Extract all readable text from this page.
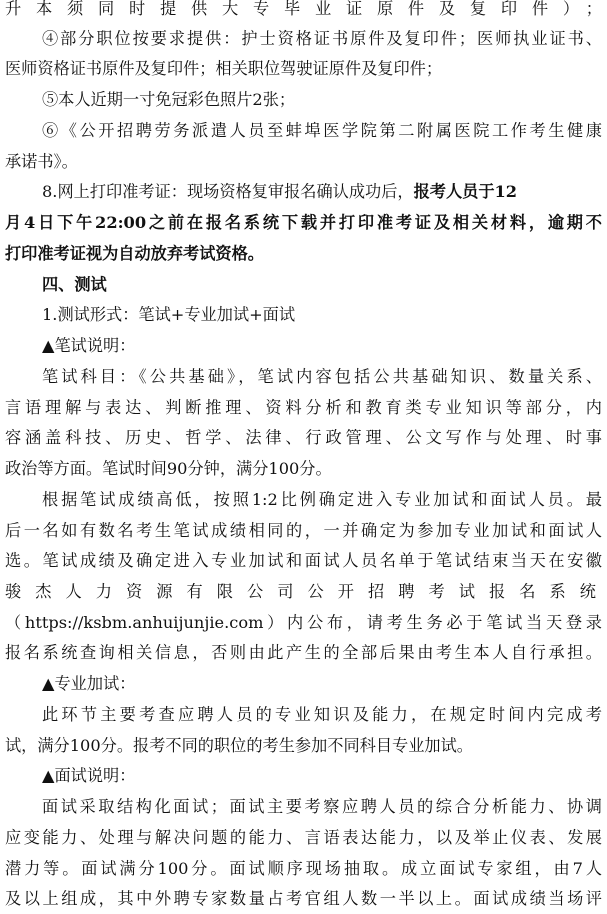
升本须同时提供大专毕业证原件及复印件）；
④部分职位按要求提供：护士资格证书原件及复印件；医师执业证书、
医师资格证书原件及复印件；相关职位驾驶证原件及复印件；
⑤本人近期一寸免冠彩色照片2张；
⑥《公开招聘劳务派遣人员至蚌埠医学院第二附属医院工作考生健康
承诺书》。
8.网上打印准考证：现场资格复审报名确认成功后，报考人员于12
月4日下午22:00之前在报名系统下载并打印准考证及相关材料，逾期不
打印准考证视为自动放弃考试资格。
四、测试
1.测试形式：笔试+专业加试+面试
▲笔试说明：
笔试科目：《公共基础》，笔试内容包括公共基础知识、数量关系、
言语理解与表达、判断推理、资料分析和教育类专业知识等部分，内
容涵盖科技、历史、哲学、法律、行政管理、公文写作与处理、时事
政治等方面。笔试时间90分钟，满分100分。
根据笔试成绩高低，按照1:2比例确定进入专业加试和面试人员。最
后一名如有数名考生笔试成绩相同的，一并确定为参加专业加试和面试人
选。笔试成绩及确定进入专业加试和面试人员名单于笔试结束当天在安徽
骏杰人力资源有限公司公开招聘考试报名系统
（https://ksbm.anhuijunjie.com）内公布，请考生务必于笔试当天登录
报名系统查询相关信息，否则由此产生的全部后果由考生本人自行承担。
▲专业加试：
此环节主要考查应聘人员的专业知识及能力，在规定时间内完成考
试，满分100分。报考不同的职位的考生参加不同科目专业加试。
▲面试说明：
面试采取结构化面试；面试主要考察应聘人员的综合分析能力、协调
应变能力、处理与解决问题的能力、言语表达能力，以及举止仪表、发展
潜力等。面试满分100分。面试顺序现场抽取。成立面试专家组，由7人
及以上组成，其中外聘专家数量占考官组人数一半以上。面试成绩当场评
